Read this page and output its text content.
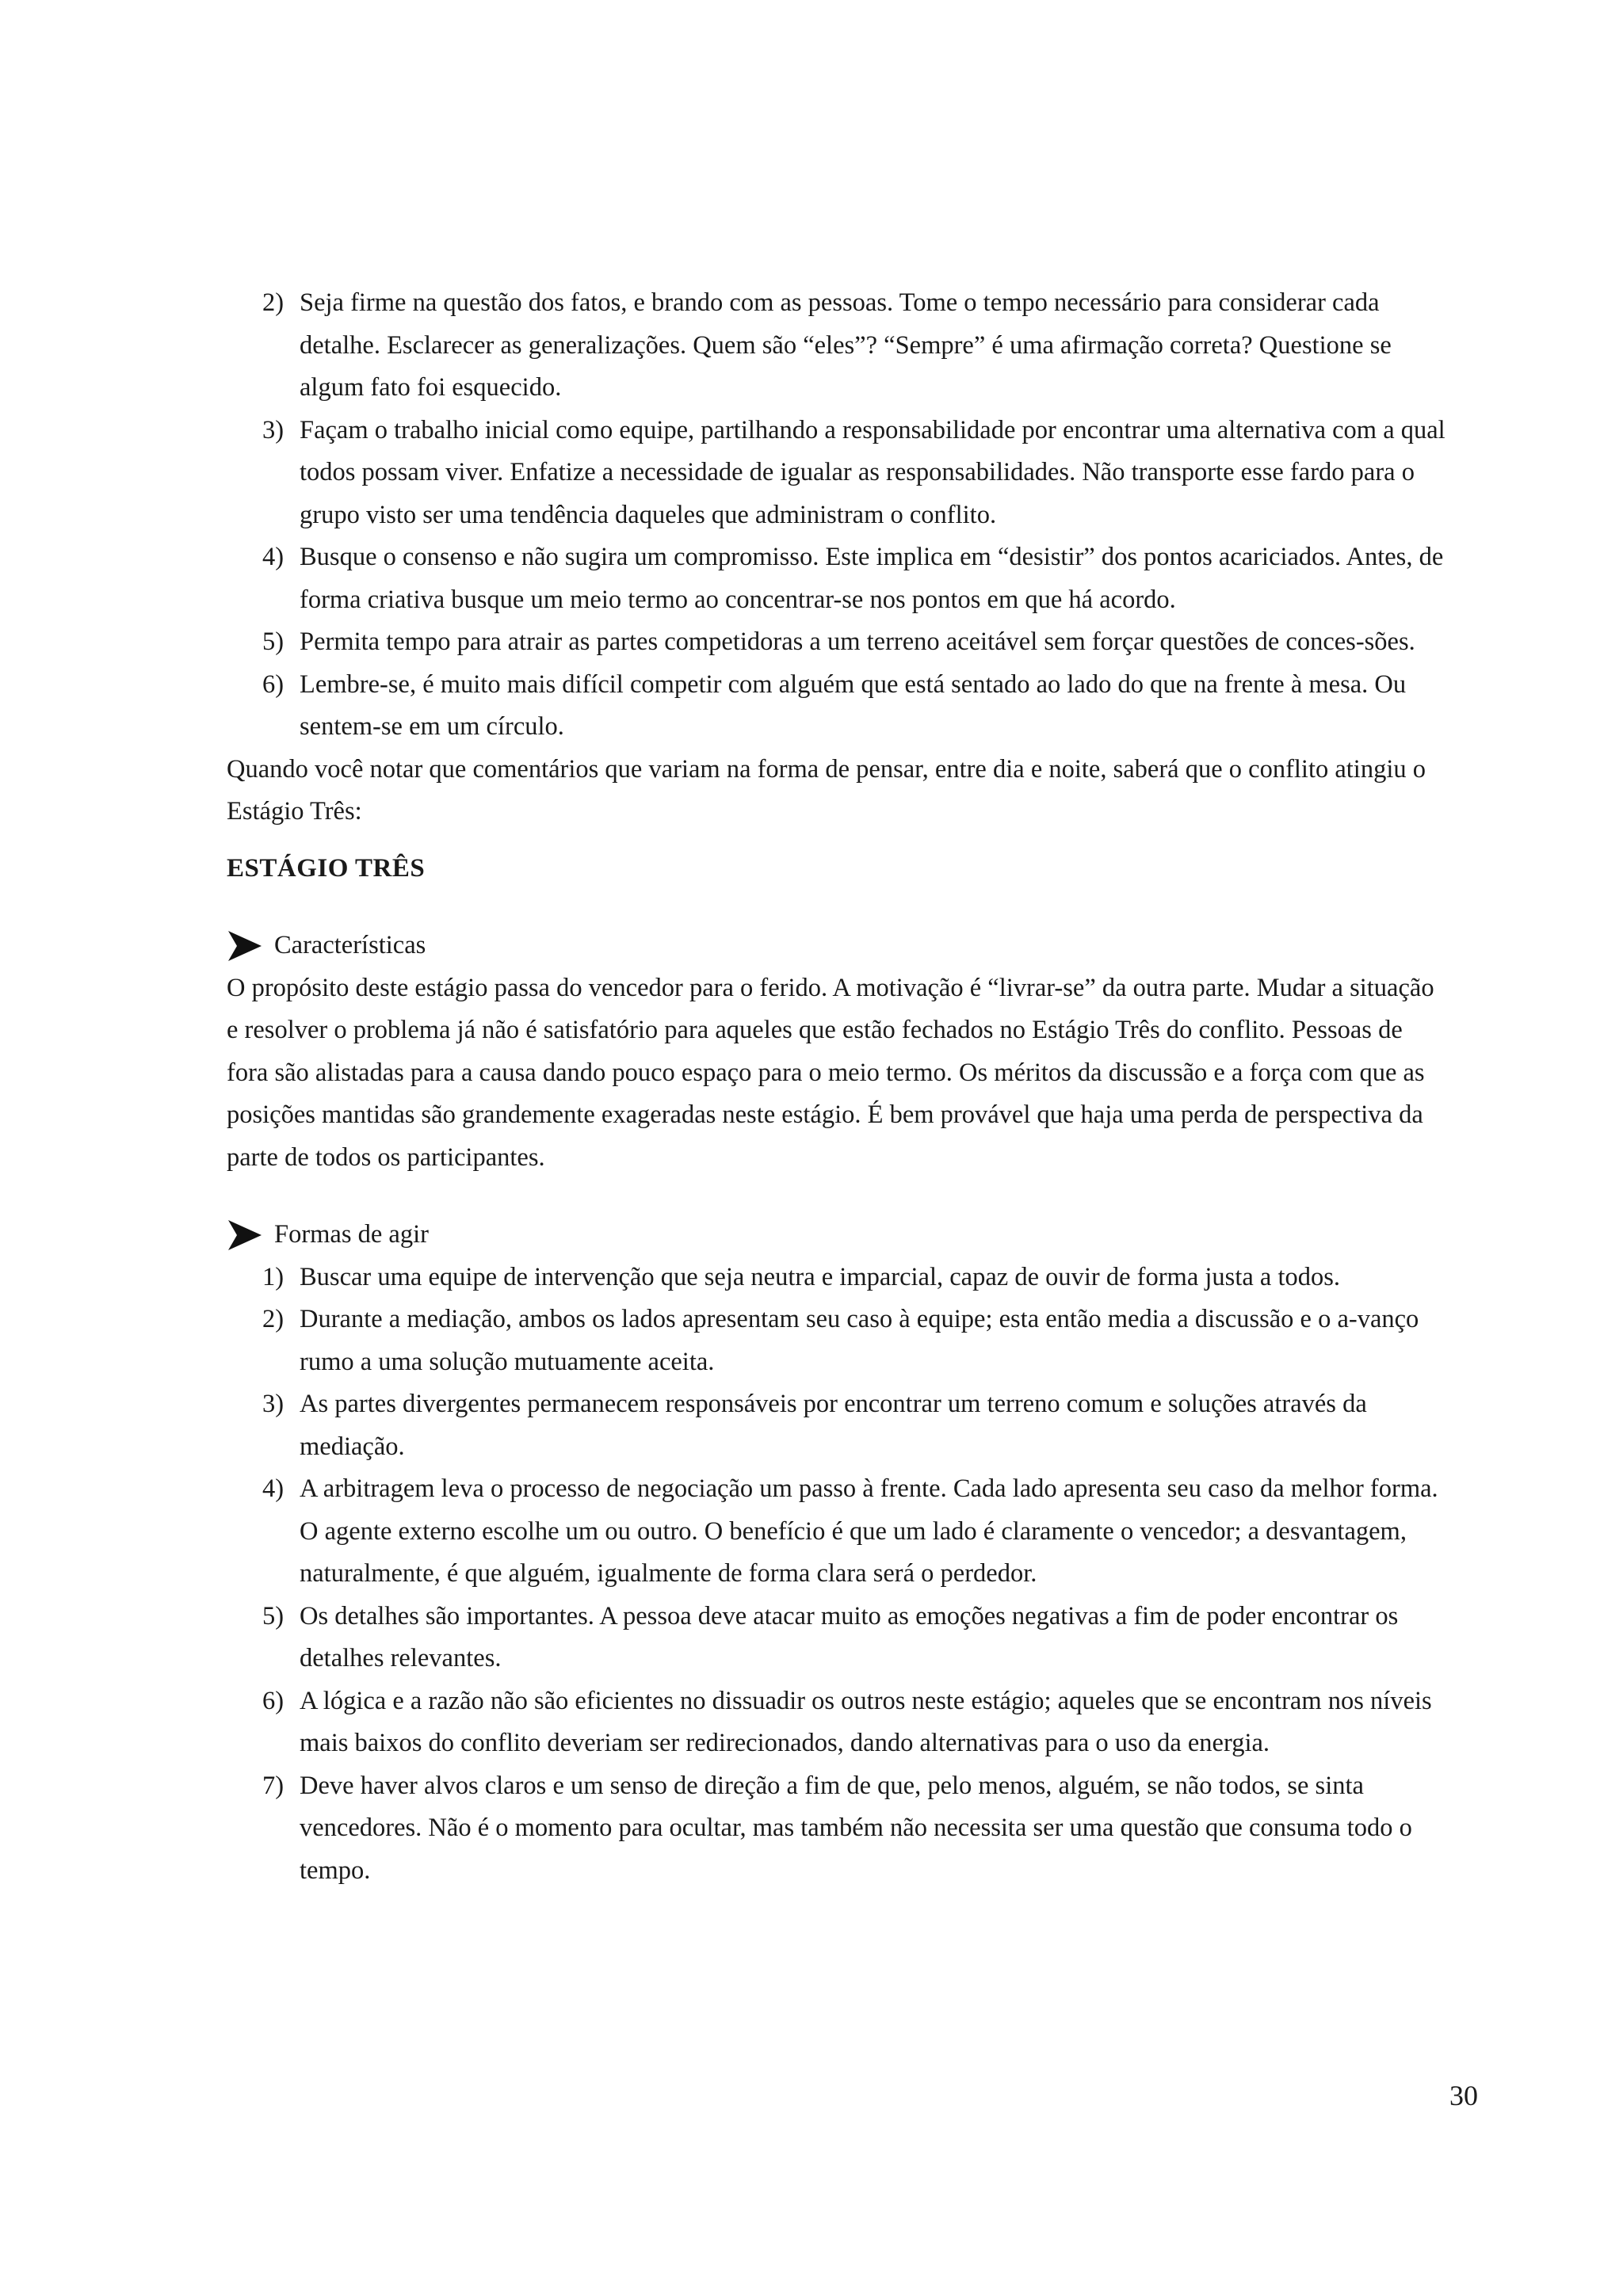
2) Seja firme na questão dos fatos, e brando com as pessoas. Tome o tempo necessário para considerar cada detalhe. Esclarecer as generalizações. Quem são “eles”? “Sempre” é uma afirmação correta? Questione se algum fato foi esquecido.
3) Façam o trabalho inicial como equipe, partilhando a responsabilidade por encontrar uma alternativa com a qual todos possam viver. Enfatize a necessidade de igualar as responsabilidades. Não transporte esse fardo para o grupo visto ser uma tendência daqueles que administram o conflito.
4) Busque o consenso e não sugira um compromisso. Este implica em “desistir” dos pontos acariciados. Antes, de forma criativa busque um meio termo ao concentrar-se nos pontos em que há acordo.
5) Permita tempo para atrair as partes competidoras a um terreno aceitável sem forçar questões de conces-sões.
6) Lembre-se, é muito mais difícil competir com alguém que está sentado ao lado do que na frente à mesa. Ou sentem-se em um círculo.

Quando você notar que comentários que variam na forma de pensar, entre dia e noite, saberá que o conflito atingiu o Estágio Três:

ESTÁGIO TRÊS

Características

O propósito deste estágio passa do vencedor para o ferido. A motivação é “livrar-se” da outra parte. Mudar a situação e resolver o problema já não é satisfatório para aqueles que estão fechados no Estágio Três do conflito. Pessoas de fora são alistadas para a causa dando pouco espaço para o meio termo. Os méritos da discussão e a força com que as posições mantidas são grandemente exageradas neste estágio. É bem provável que haja uma perda de perspectiva da parte de todos os participantes.

Formas de agir

1) Buscar uma equipe de intervenção que seja neutra e imparcial, capaz de ouvir de forma justa a todos.
2) Durante a mediação, ambos os lados apresentam seu caso à equipe; esta então media a discussão e o a-vanço rumo a uma solução mutuamente aceita.
3) As partes divergentes permanecem responsáveis por encontrar um terreno comum e soluções através da mediação.
4) A arbitragem leva o processo de negociação um passo à frente. Cada lado apresenta seu caso da melhor forma. O agente externo escolhe um ou outro. O benefício é que um lado é claramente o vencedor; a desvantagem, naturalmente, é que alguém, igualmente de forma clara será o perdedor.
5) Os detalhes são importantes. A pessoa deve atacar muito as emoções negativas a fim de poder encontrar os detalhes relevantes.
6) A lógica e a razão não são eficientes no dissuadir os outros neste estágio; aqueles que se encontram nos níveis mais baixos do conflito deveriam ser redirecionados, dando alternativas para o uso da energia.
7) Deve haver alvos claros e um senso de direção a fim de que, pelo menos, alguém, se não todos, se sinta vencedores. Não é o momento para ocultar, mas também não necessita ser uma questão que consuma todo o tempo.
30
